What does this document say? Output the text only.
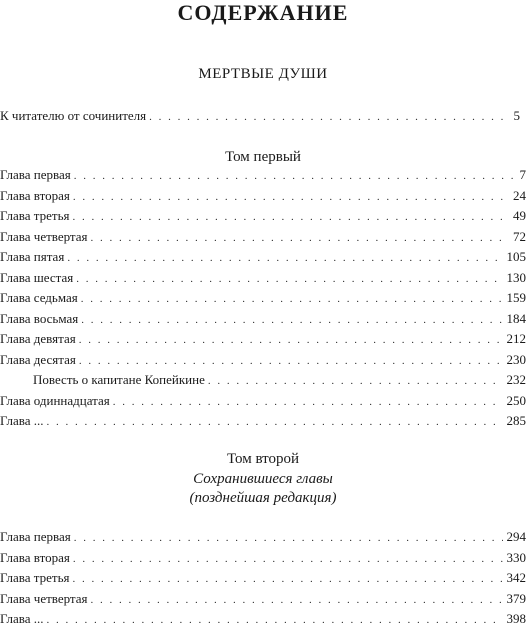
СОДЕРЖАНИЕ
МЕРТВЫЕ ДУШИ
К читателю от сочинителя . . .	5
Том первый
Глава первая . . .	7
Глава вторая . . .	24
Глава третья . . .	49
Глава четвертая . . .	72
Глава пятая . . .	105
Глава шестая . . .	130
Глава седьмая . . .	159
Глава восьмая . . .	184
Глава девятая . . .	212
Глава десятая . . .	230
Повесть о капитане Копейкине . . .	232
Глава одиннадцатая . . .	250
Глава ... . . .	285
Том второй
Сохранившиеся главы
(позднейшая редакция)
Глава первая . . .	294
Глава вторая . . .	330
Глава третья . . .	342
Глава четвертая . . .	379
Глава ... . . .	398
